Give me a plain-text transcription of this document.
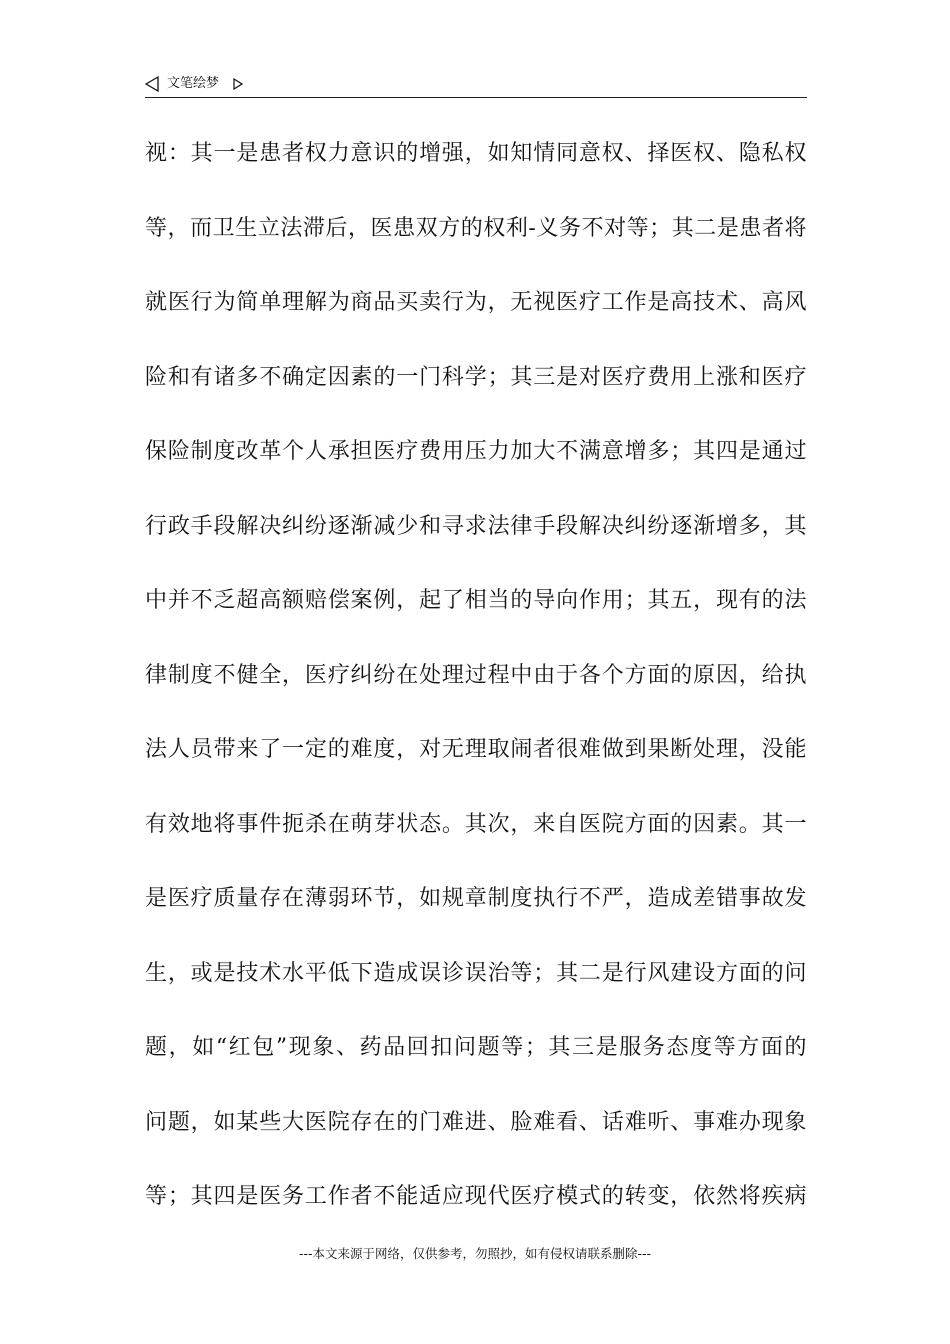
文笔绘梦
视：其一是患者权力意识的增强，如知情同意权、择医权、隐私权
等，而卫生立法滞后，医患双方的权利-义务不对等；其二是患者将
就医行为简单理解为商品买卖行为，无视医疗工作是高技术、高风
险和有诸多不确定因素的一门科学；其三是对医疗费用上涨和医疗
保险制度改革个人承担医疗费用压力加大不满意增多；其四是通过
行政手段解决纠纷逐渐减少和寻求法律手段解决纠纷逐渐增多，其
中并不乏超高额赔偿案例，起了相当的导向作用；其五，现有的法
律制度不健全，医疗纠纷在处理过程中由于各个方面的原因，给执
法人员带来了一定的难度，对无理取闹者很难做到果断处理，没能
有效地将事件扼杀在萌芽状态。其次，来自医院方面的因素。其一
是医疗质量存在薄弱环节，如规章制度执行不严，造成差错事故发
生，或是技术水平低下造成误诊误治等；其二是行风建设方面的问
题，如“红包”现象、药品回扣问题等；其三是服务态度等方面的
问题，如某些大医院存在的门难进、脸难看、话难听、事难办现象
等；其四是医务工作者不能适应现代医疗模式的转变，依然将疾病
---本文来源于网络，仅供参考，勿照抄，如有侵权请联系删除---
